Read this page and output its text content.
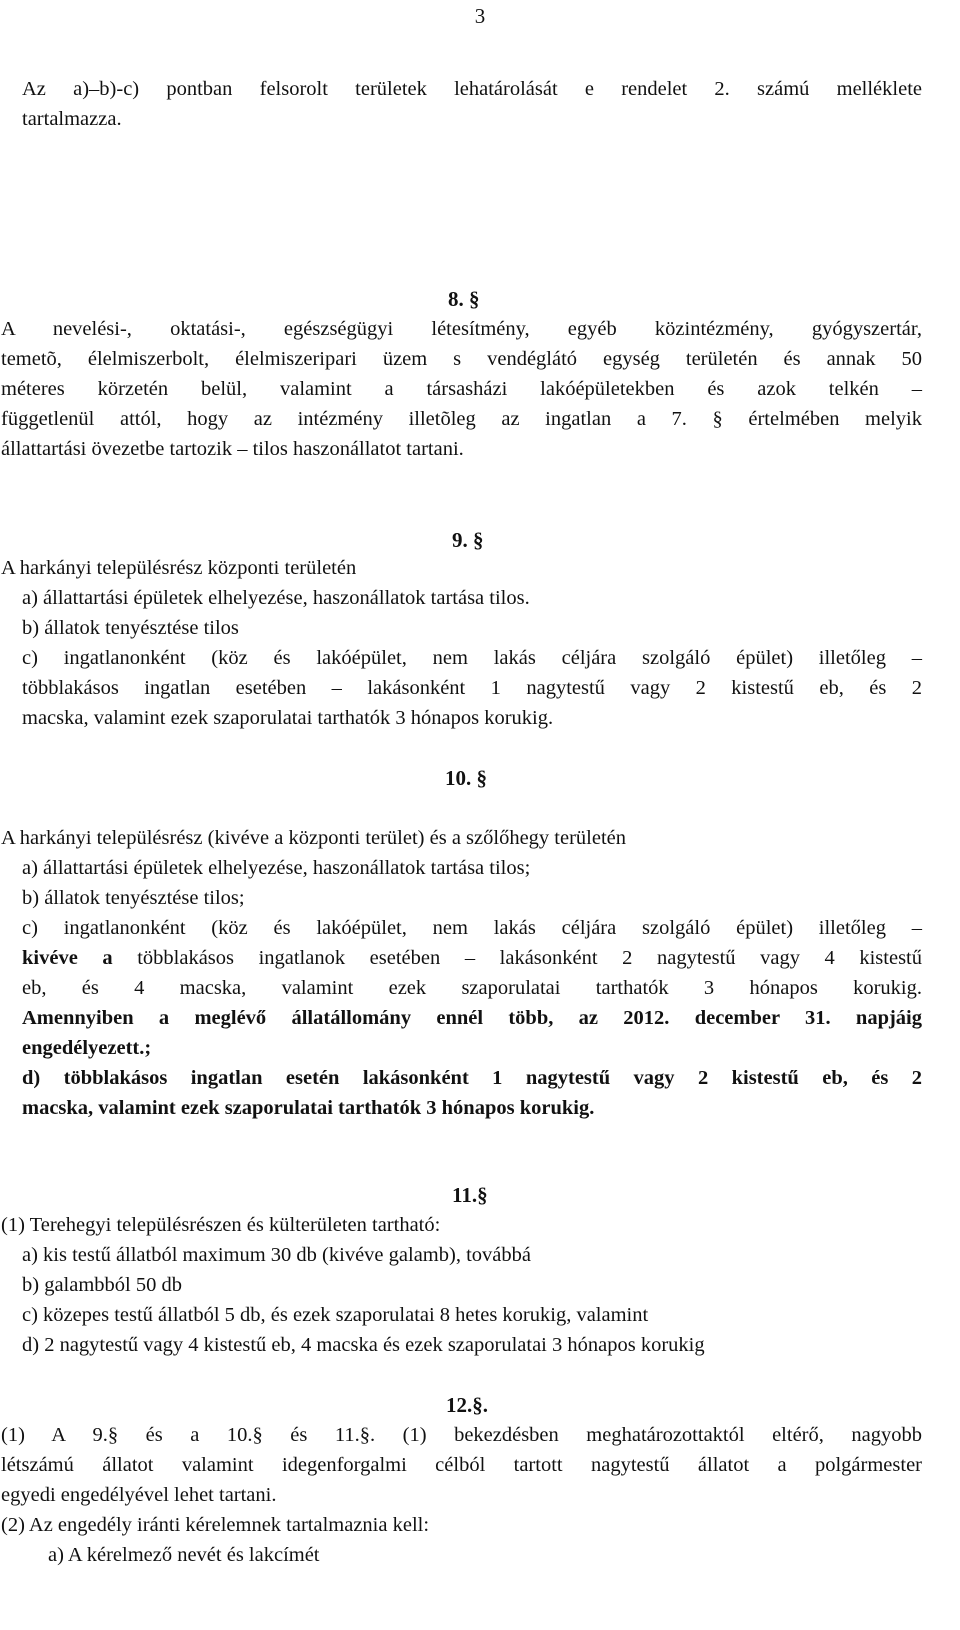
3
Az a)–b)-c) pontban felsorolt területek lehatárolását e rendelet 2. számú melléklete
tartalmazza.
8. §
A nevelési-, oktatási-, egészségügyi létesítmény, egyéb közintézmény, gyógyszertár,
temetõ, élelmiszerbolt, élelmiszeripari üzem s vendéglátó egység területén és annak 50
méteres körzetén belül, valamint a társasházi lakóépületekben és azok telkén –
függetlenül attól, hogy az intézmény illetõleg az ingatlan a 7. § értelmében melyik
állattartási övezetbe tartozik – tilos haszonállatot tartani.
9. §
A harkányi településrész központi területén
a) állattartási épületek elhelyezése, haszonállatok tartása tilos.
b) állatok tenyésztése tilos
c) ingatlanonként (köz és lakóépület, nem lakás céljára szolgáló épület) illetőleg –
többlakásos ingatlan esetében – lakásonként 1 nagytestű vagy 2 kistestű eb, és 2
macska, valamint ezek szaporulatai tarthatók 3 hónapos korukig.
10. §
A harkányi településrész (kivéve a központi terület) és a szőlőhegy területén
a) állattartási épületek elhelyezése, haszonállatok tartása tilos;
b) állatok tenyésztése tilos;
c) ingatlanonként (köz és lakóépület, nem lakás céljára szolgáló épület) illetőleg –
kivéve a többlakásos ingatlanok esetében – lakásonként 2 nagytestű vagy 4 kistestű
eb, és 4 macska, valamint ezek szaporulatai tarthatók 3 hónapos korukig.
Amennyiben a meglévő állatállomány ennél több, az 2012. december 31. napjáig
engedélyezett.;
d) többlakásos ingatlan esetén lakásonként 1 nagytestű vagy 2 kistestű eb, és 2
macska, valamint ezek szaporulatai tarthatók 3 hónapos korukig.
11.§
(1) Terehegyi településrészen és külterületen tartható:
a) kis testű állatból maximum 30 db (kivéve galamb), továbbá
b) galambból 50 db
c) közepes testű állatból 5 db, és ezek szaporulatai 8 hetes korukig, valamint
d) 2 nagytestű vagy 4 kistestű eb, 4 macska és ezek szaporulatai 3 hónapos korukig
12.§.
(1) A 9.§ és a 10.§ és 11.§. (1) bekezdésben meghatározottaktól eltérő, nagyobb
létszámú állatot valamint idegenforgalmi célból tartott nagytestű állatot a polgármester
egyedi engedélyével lehet tartani.
(2) Az engedély iránti kérelemnek tartalmaznia kell:
a) A kérelmező nevét és lakcímét
